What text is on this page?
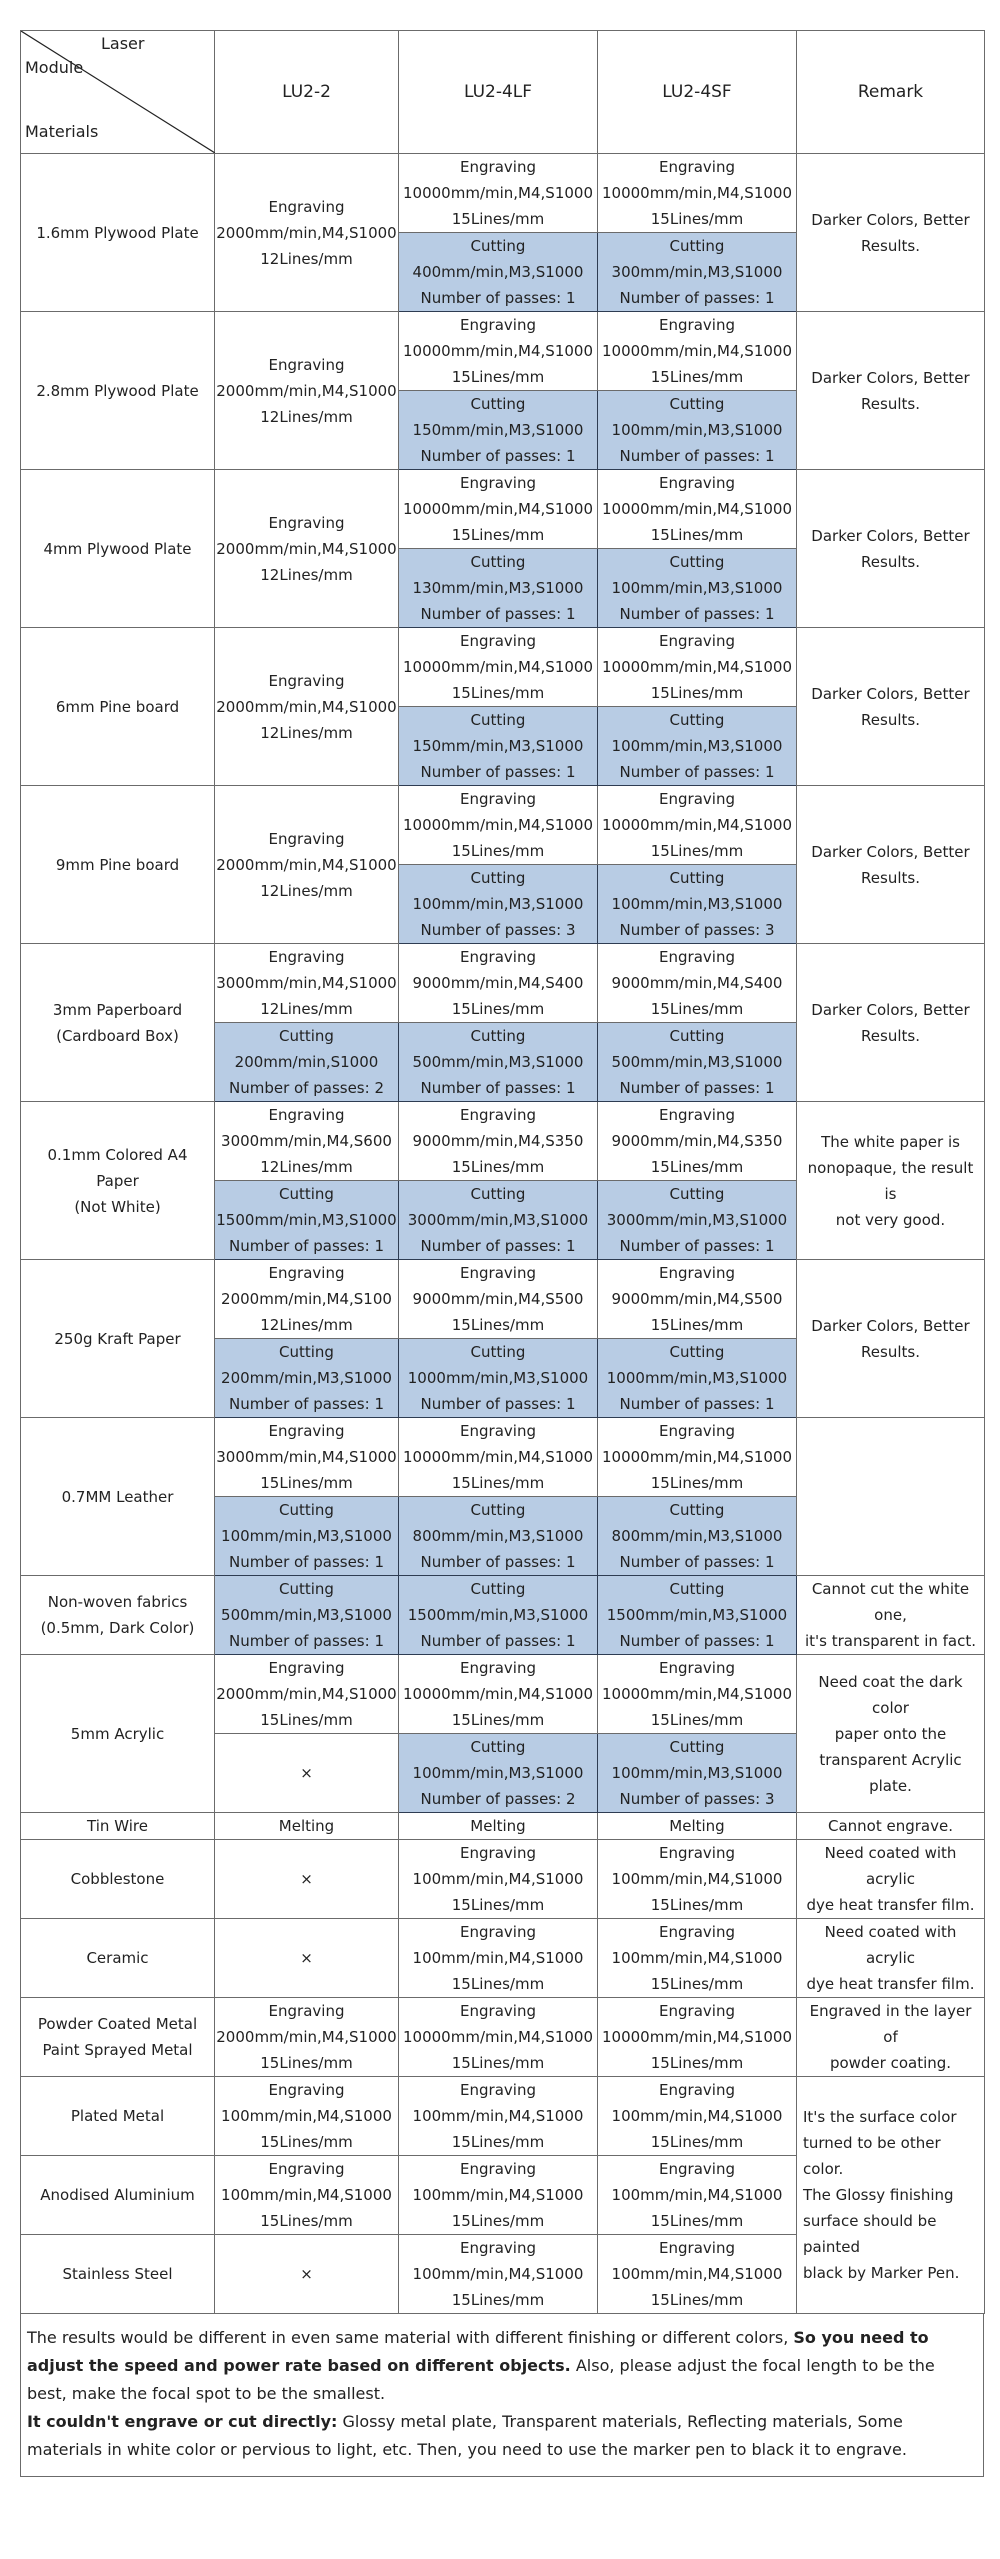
Laser
Module
Materials	LU2-2	LU2-4LF	LU2-4SF	Remark

1.6mm Plywood Plate	Engraving
2000mm/min,M4,S1000
12Lines/mm	Engraving
10000mm/min,M4,S1000
15Lines/mm	Engraving
10000mm/min,M4,S1000
15Lines/mm	Darker Colors, Better
Results.

		Cutting
400mm/min,M3,S1000
Number of passes: 1	Cutting
300mm/min,M3,S1000
Number of passes: 1	

2.8mm Plywood Plate	Engraving
2000mm/min,M4,S1000
12Lines/mm	Engraving
10000mm/min,M4,S1000
15Lines/mm	Engraving
10000mm/min,M4,S1000
15Lines/mm	Darker Colors, Better
Results.

		Cutting
150mm/min,M3,S1000
Number of passes: 1	Cutting
100mm/min,M3,S1000
Number of passes: 1	

4mm Plywood Plate	Engraving
2000mm/min,M4,S1000
12Lines/mm	Engraving
10000mm/min,M4,S1000
15Lines/mm	Engraving
10000mm/min,M4,S1000
15Lines/mm	Darker Colors, Better
Results.

		Cutting
130mm/min,M3,S1000
Number of passes: 1	Cutting
100mm/min,M3,S1000
Number of passes: 1	

6mm Pine board	Engraving
2000mm/min,M4,S1000
12Lines/mm	Engraving
10000mm/min,M4,S1000
15Lines/mm	Engraving
10000mm/min,M4,S1000
15Lines/mm	Darker Colors, Better
Results.

		Cutting
150mm/min,M3,S1000
Number of passes: 1	Cutting
100mm/min,M3,S1000
Number of passes: 1	

9mm Pine board	Engraving
2000mm/min,M4,S1000
12Lines/mm	Engraving
10000mm/min,M4,S1000
15Lines/mm	Engraving
10000mm/min,M4,S1000
15Lines/mm	Darker Colors, Better
Results.

		Cutting
100mm/min,M3,S1000
Number of passes: 3	Cutting
100mm/min,M3,S1000
Number of passes: 3	

3mm Paperboard
(Cardboard Box)	Engraving
3000mm/min,M4,S1000
12Lines/mm	Engraving
9000mm/min,M4,S400
15Lines/mm	Engraving
9000mm/min,M4,S400
15Lines/mm	Darker Colors, Better
Results.

	Cutting
200mm/min,S1000
Number of passes: 2	Cutting
500mm/min,M3,S1000
Number of passes: 1	Cutting
500mm/min,M3,S1000
Number of passes: 1	

0.1mm Colored A4
Paper
(Not White)	Engraving
3000mm/min,M4,S600
12Lines/mm	Engraving
9000mm/min,M4,S350
15Lines/mm	Engraving
9000mm/min,M4,S350
15Lines/mm	The white paper is
nonopaque, the result is
not very good.

	Cutting
1500mm/min,M3,S1000
Number of passes: 1	Cutting
3000mm/min,M3,S1000
Number of passes: 1	Cutting
3000mm/min,M3,S1000
Number of passes: 1	

250g Kraft Paper	Engraving
2000mm/min,M4,S100
12Lines/mm	Engraving
9000mm/min,M4,S500
15Lines/mm	Engraving
9000mm/min,M4,S500
15Lines/mm	Darker Colors, Better
Results.

	Cutting
200mm/min,M3,S1000
Number of passes: 1	Cutting
1000mm/min,M3,S1000
Number of passes: 1	Cutting
1000mm/min,M3,S1000
Number of passes: 1	

0.7MM Leather	Engraving
3000mm/min,M4,S1000
15Lines/mm	Engraving
10000mm/min,M4,S1000
15Lines/mm	Engraving
10000mm/min,M4,S1000
15Lines/mm	

	Cutting
100mm/min,M3,S1000
Number of passes: 1	Cutting
800mm/min,M3,S1000
Number of passes: 1	Cutting
800mm/min,M3,S1000
Number of passes: 1	

Non-woven fabrics
(0.5mm, Dark Color)	Cutting
500mm/min,M3,S1000
Number of passes: 1	Cutting
1500mm/min,M3,S1000
Number of passes: 1	Cutting
1500mm/min,M3,S1000
Number of passes: 1	Cannot cut the white one,
it's transparent in fact.

5mm Acrylic	Engraving
2000mm/min,M4,S1000
15Lines/mm	Engraving
10000mm/min,M4,S1000
15Lines/mm	Engraving
10000mm/min,M4,S1000
15Lines/mm	Need coat the dark color
paper onto the
transparent Acrylic plate.

	×	Cutting
100mm/min,M3,S1000
Number of passes: 2	Cutting
100mm/min,M3,S1000
Number of passes: 3	

Tin Wire	Melting	Melting	Melting	Cannot engrave.

Cobblestone	×	Engraving
100mm/min,M4,S1000
15Lines/mm	Engraving
100mm/min,M4,S1000
15Lines/mm	Need coated with acrylic
dye heat transfer film.

Ceramic	×	Engraving
100mm/min,M4,S1000
15Lines/mm	Engraving
100mm/min,M4,S1000
15Lines/mm	Need coated with acrylic
dye heat transfer film.

Powder Coated Metal
Paint Sprayed Metal	Engraving
2000mm/min,M4,S1000
15Lines/mm	Engraving
10000mm/min,M4,S1000
15Lines/mm	Engraving
10000mm/min,M4,S1000
15Lines/mm	Engraved in the layer of
powder coating.

Plated Metal	Engraving
100mm/min,M4,S1000
15Lines/mm	Engraving
100mm/min,M4,S1000
15Lines/mm	Engraving
100mm/min,M4,S1000
15Lines/mm	It's the surface color
turned to be other color.
The Glossy finishing
surface should be painted
black by Marker Pen.

Anodised Aluminium	Engraving
100mm/min,M4,S1000
15Lines/mm	Engraving
100mm/min,M4,S1000
15Lines/mm	Engraving
100mm/min,M4,S1000
15Lines/mm	

Stainless Steel	×	Engraving
100mm/min,M4,S1000
15Lines/mm	Engraving
100mm/min,M4,S1000
15Lines/mm	

The results would be different in even same material with different finishing or different colors, So you need to adjust the speed and power rate based on different objects. Also, please adjust the focal length to be the best, make the focal spot to be the smallest.
It couldn't engrave or cut directly: Glossy metal plate, Transparent materials, Reflecting materials, Some materials in white color or pervious to light, etc. Then, you need to use the marker pen to black it to engrave.
